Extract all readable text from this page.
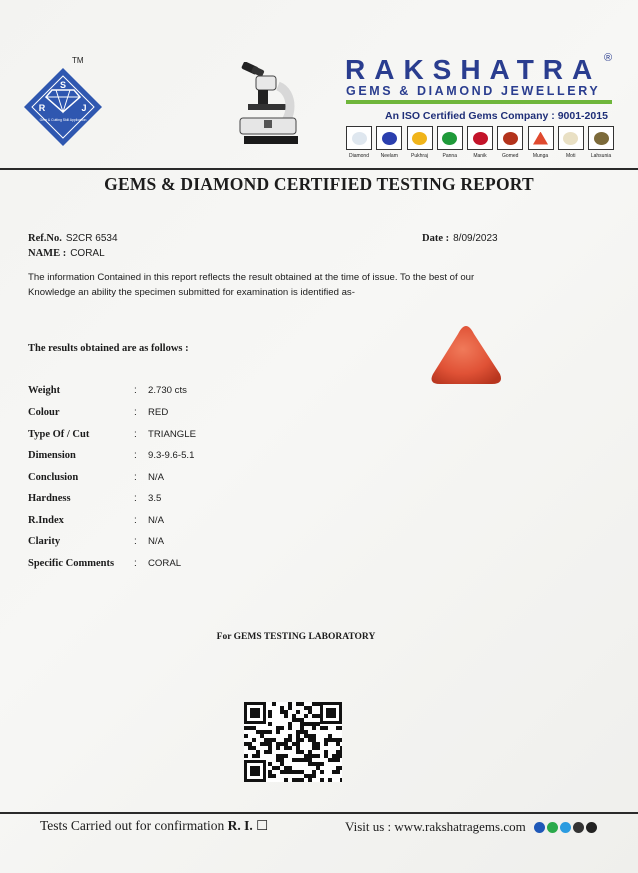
S
R	J
Gem & Cutting Skill Application
TM	RAKSHATRA ®
GEMS & DIAMOND JEWELLERY
An ISO Certified Gems Company : 9001-2015
Diamond Neelam	Pukhraj	Panna	Manik	Gomed	Munga	Moti	Lahsunia
GEMS & DIAMOND CERTIFIED TESTING REPORT
Ref.No. S2CR 6534
NAME : CORAL
Date : 8/09/2023
The information Contained in this report reflects the result obtained at the time of issue. To the best of our
Knowledge an ability the specimen submitted for examination is identified as-
The results obtained are as follows :
Weight	:	2.730 cts
Colour	:	RED
Type Of / Cut	:	TRIANGLE
Dimension	:	9.3-9.6-5.1
Conclusion	:	N/A
Hardness	:	3.5
R.Index	:	N/A
Clarity	:	N/A
Specific Comments	:	CORAL
For GEMS TESTING LABORATORY
Tests Carried out for confirmation R. I. ☐	Visit us : www.rakshatragems.com
